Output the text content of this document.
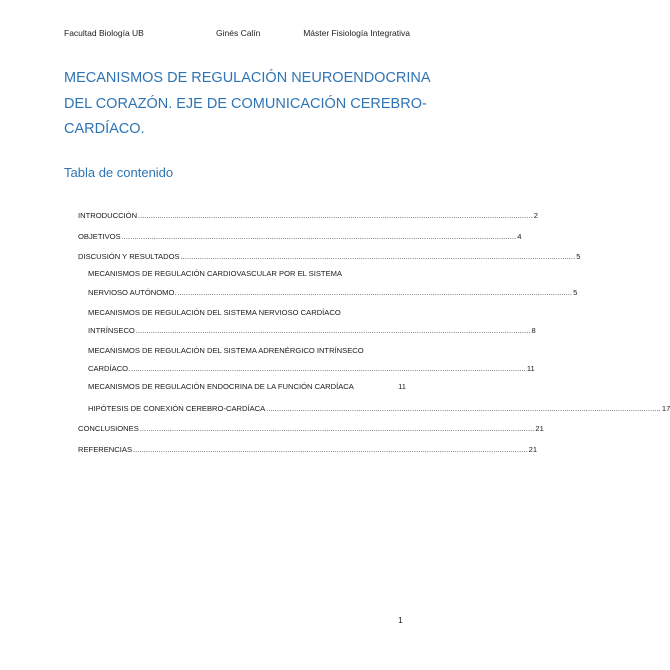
Facultad Biología UB	Ginés Calín	Máster Fisiología Integrativa
MECANISMOS DE REGULACIÓN NEUROENDOCRINA
DEL CORAZÓN. EJE DE COMUNICACIÓN CEREBRO-
CARDÍACO.
Tabla de contenido
INTRODUCCIÓN ........................................................................................................................................................................................ 2
OBJETIVOS ........................................................................................................................................................................................ 4
DISCUSIÓN Y RESULTADOS ........................................................................................................................................................................................ 5
MECANISMOS DE REGULACIÓN CARDIOVASCULAR POR EL SISTEMA
NERVIOSO AUTÓNOMO. ........................................................................................................................................................................................ 5
MECANISMOS DE REGULACIÓN DEL SISTEMA NERVIOSO CARDÍACO
INTRÍNSECO ........................................................................................................................................................................................ 8
MECANISMOS DE REGULACIÓN DEL SISTEMA ADRENÉRGICO INTRÍNSECO
CARDÍACO. ........................................................................................................................................................................................ 11
MECANISMOS DE REGULACIÓN ENDOCRINA DE LA FUNCIÓN CARDÍACA	11
HIPÓTESIS DE CONEXIÓN CEREBRO-CARDÍACA ........................................................................................................................................................................................ 17
CONCLUSIONES ........................................................................................................................................................................................ 21
REFERENCIAS ........................................................................................................................................................................................ 21
1
